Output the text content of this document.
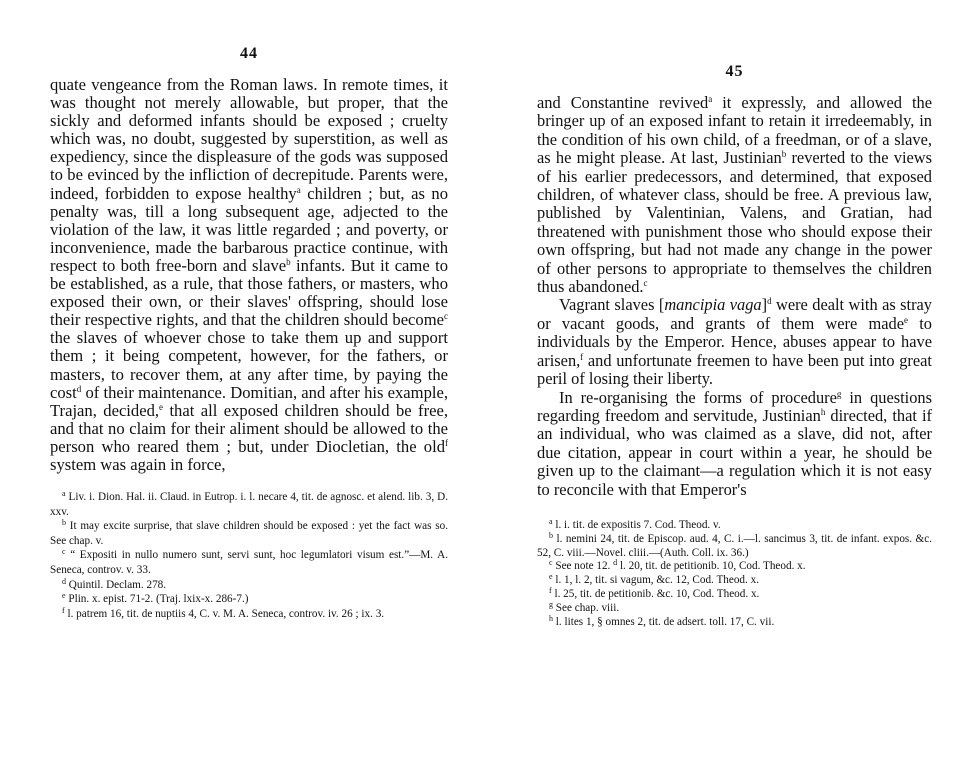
44

quate vengeance from the Roman laws. In remote times, it was thought not merely allowable, but proper, that the sickly and deformed infants should be exposed ; cruelty which was, no doubt, suggested by superstition, as well as expediency, since the displeasure of the gods was supposed to be evinced by the infliction of decrepitude. Parents were, indeed, forbidden to expose healthy$^a$ children ; but, as no penalty was, till a long subsequent age, adjected to the violation of the law, it was little regarded ; and poverty, or inconvenience, made the barbarous practice continue, with respect to both free-born and slave$^b$ infants. But it came to be established, as a rule, that those fathers, or masters, who exposed their own, or their slaves' offspring, should lose their respective rights, and that the children should become$^c$ the slaves of whoever chose to take them up and support them ; it being competent, however, for the fathers, or masters, to recover them, at any after time, by paying the cost$^d$ of their maintenance. Domitian, and after his example, Trajan, decided,$^e$ that all exposed children should be free, and that no claim for their aliment should be allowed to the person who reared them ; but, under Diocletian, the old$^f$ system was again in force,

$^a$ Liv. i. Dion. Hal. ii. Claud. in Eutrop. i. l. necare 4, tit. de agnosc. et alend. lib. 3, D. xxv.

$^b$ It may excite surprise, that slave children should be exposed : yet the fact was so. See chap. v.

$^c$ “ Expositi in nullo numero sunt, servi sunt, hoc legumlatori visum est.”—M. A. Seneca, controv. v. 33.

$^d$ Quintil. Declam. 278.

$^e$ Plin. x. epist. 71-2. (Traj. lxix-x. 286-7.)

$^f$ l. patrem 16, tit. de nuptiis 4, C. v. M. A. Seneca, controv. iv. 26 ; ix. 3.

45

and Constantine revived$^a$ it expressly, and allowed the bringer up of an exposed infant to retain it irredeemably, in the condition of his own child, of a freedman, or of a slave, as he might please. At last, Justinian$^b$ reverted to the views of his earlier predecessors, and determined, that exposed children, of whatever class, should be free. A previous law, published by Valentinian, Valens, and Gratian, had threatened with punishment those who should expose their own offspring, but had not made any change in the power of other persons to appropriate to themselves the children thus abandoned.$^c$

Vagrant slaves [mancipia vaga]$^d$ were dealt with as stray or vacant goods, and grants of them were made$^e$ to individuals by the Emperor. Hence, abuses appear to have arisen,$^f$ and unfortunate freemen to have been put into great peril of losing their liberty.

In re-organising the forms of procedure$^g$ in questions regarding freedom and servitude, Justinian$^h$ directed, that if an individual, who was claimed as a slave, did not, after due citation, appear in court within a year, he should be given up to the claimant—a regulation which it is not easy to reconcile with that Emperor's

$^a$ l. i. tit. de expositis 7. Cod. Theod. v.

$^b$ l. nemini 24, tit. de Episcop. aud. 4, C. i.—l. sancimus 3, tit. de infant. expos. &c. 52, C. viii.—Novel. cliii.—(Auth. Coll. ix. 36.)

$^c$ See note 12. $^d$ l. 20, tit. de petitionib. 10, Cod. Theod. x.

$^e$ l. 1, l. 2, tit. si vagum, &c. 12, Cod. Theod. x.

$^f$ l. 25, tit. de petitionib. &c. 10, Cod. Theod. x.

$^g$ See chap. viii.

$^h$ l. lites 1, § omnes 2, tit. de adsert. toll. 17, C. vii.
